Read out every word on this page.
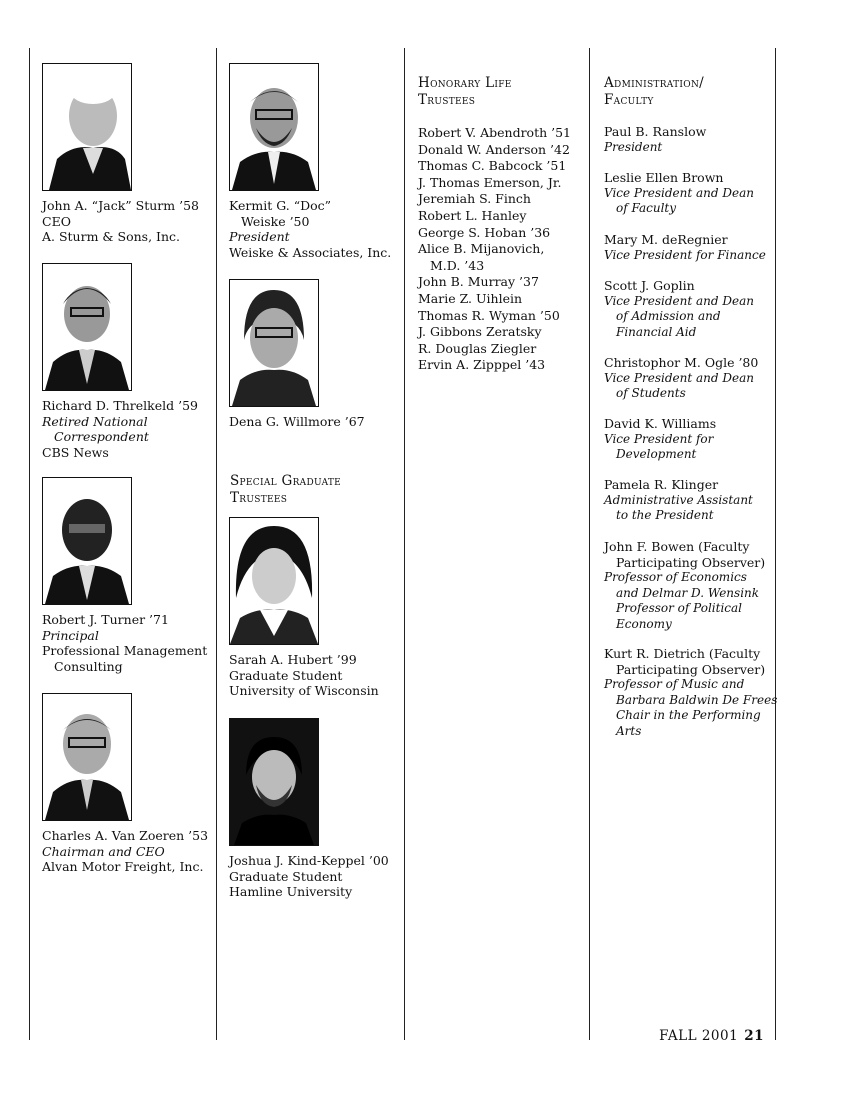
John A. “Jack” Sturm ’58
CEO
A. Sturm & Sons, Inc.
Richard D. Threlkeld ’59
Retired National
Correspondent
CBS News
Robert J. Turner ’71
Principal
Professional Management
Consulting
Charles A. Van Zoeren ’53
Chairman and CEO
Alvan Motor Freight, Inc.
Kermit G. “Doc”
Weiske ’50
President
Weiske & Associates, Inc.
Dena G. Willmore ’67
Special Graduate
Trustees
Sarah A. Hubert ’99
Graduate Student
University of Wisconsin
Joshua J. Kind-Keppel ’00
Graduate Student
Hamline University
Honorary Life
Trustees
Robert V. Abendroth ’51
Donald W. Anderson ’42
Thomas C. Babcock ’51
J. Thomas Emerson, Jr.
Jeremiah S. Finch
Robert L. Hanley
George S. Hoban ’36
Alice B. Mijanovich,
M.D. ’43
John B. Murray ’37
Marie Z. Uihlein
Thomas R. Wyman ’50
J. Gibbons Zeratsky
R. Douglas Ziegler
Ervin A. Zipppel ’43
Administration/
Faculty
Paul B. Ranslow
President
Leslie Ellen Brown
Vice President and Dean
of Faculty
Mary M. deRegnier
Vice President for Finance
Scott J. Goplin
Vice President and Dean
of Admission and
Financial Aid
Christophor M. Ogle ’80
Vice President and Dean
of Students
David K. Williams
Vice President for
Development
Pamela R. Klinger
Administrative Assistant
to the President
John F. Bowen (Faculty
Participating Observer)
Professor of Economics
and Delmar D. Wensink
Professor of Political
Economy
Kurt R. Dietrich (Faculty
Participating Observer)
Professor of Music and
Barbara Baldwin De Frees
Chair in the Performing
Arts
FALL 2001 21
